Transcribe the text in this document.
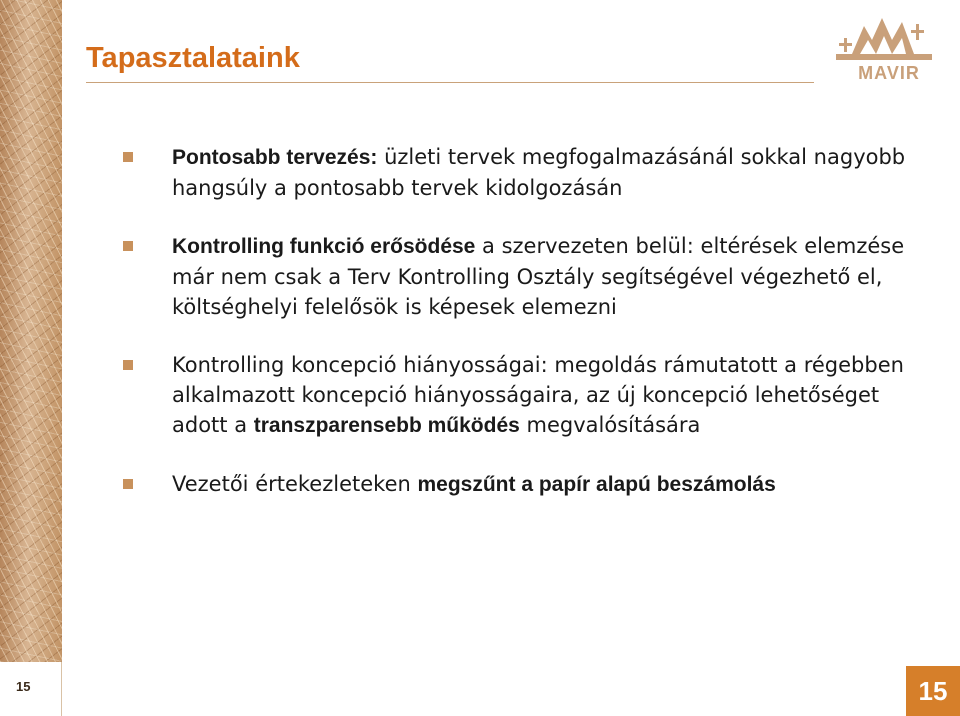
15
Tapasztalataink	MAVIR
Pontosabb tervezés: üzleti tervek megfogalmazásánál sokkal nagyobb hangsúly a pontosabb tervek kidolgozásán
Kontrolling funkció erősödése a szervezeten belül: eltérések elemzése már nem csak a Terv Kontrolling Osztály segítségével végezhető el, költséghelyi felelősök is képesek elemezni
Kontrolling koncepció hiányosságai: megoldás rámutatott a régebben alkalmazott koncepció hiányosságaira, az új koncepció lehetőséget adott a transzparensebb működés megvalósítására
Vezetői értekezleteken megszűnt a papír alapú beszámolás
15
